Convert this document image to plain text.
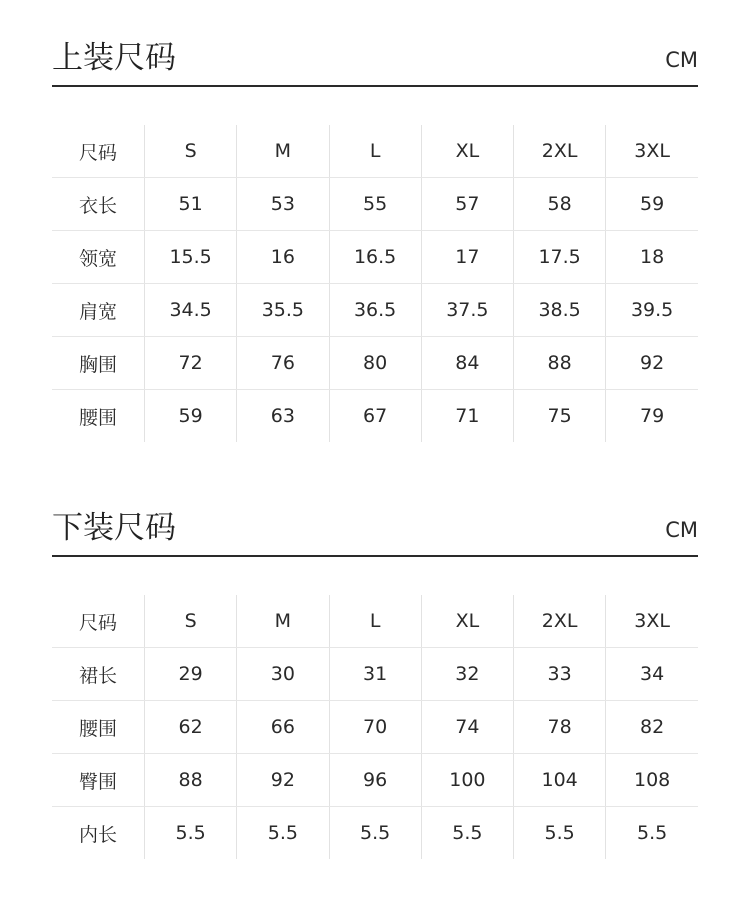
上装尺码	CM
尺码	S	M	L	XL	2XL	3XL
衣长	51	53	55	57	58	59
领宽	15.5	16	16.5	17	17.5	18
肩宽	34.5	35.5	36.5	37.5	38.5	39.5
胸围	72	76	80	84	88	92
腰围	59	63	67	71	75	79
下装尺码	CM
尺码	S	M	L	XL	2XL	3XL
裙长	29	30	31	32	33	34
腰围	62	66	70	74	78	82
臀围	88	92	96	100	104	108
内长	5.5	5.5	5.5	5.5	5.5	5.5
